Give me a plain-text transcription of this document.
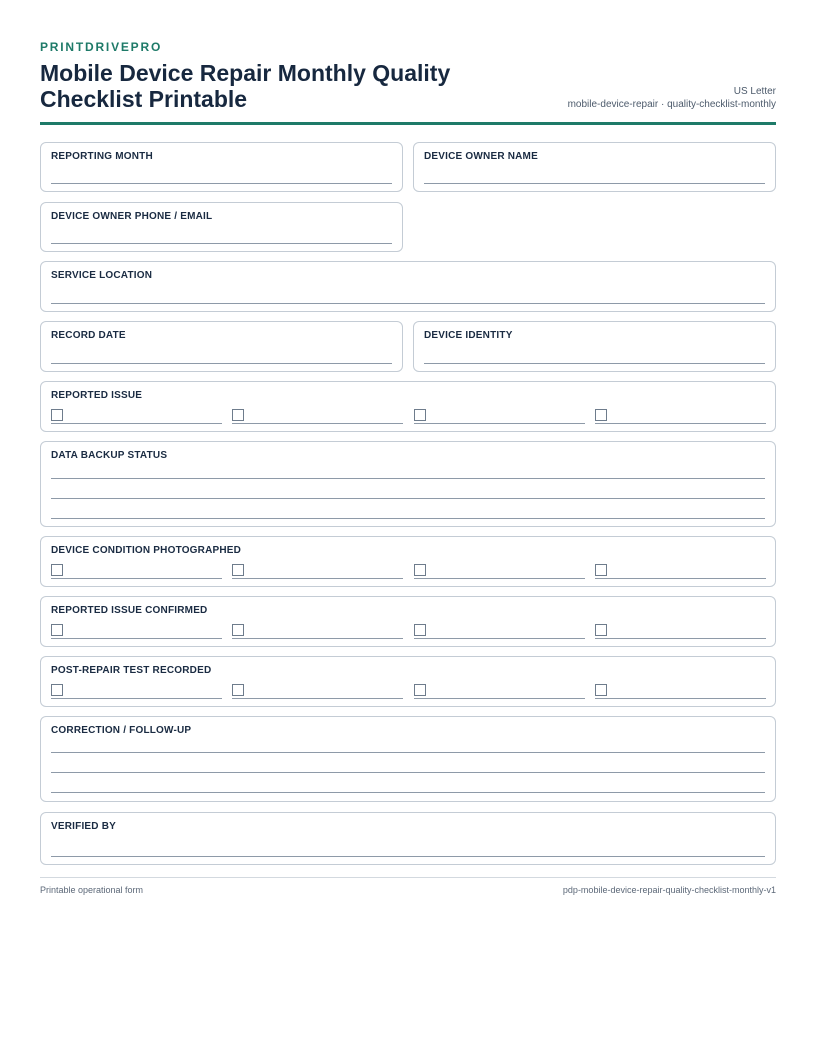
PRINTDRIVEPRO
Mobile Device Repair Monthly Quality Checklist Printable	US Letter
mobile-device-repair · quality-checklist-monthly
REPORTING MONTH	DEVICE OWNER NAME
DEVICE OWNER PHONE / EMAIL
SERVICE LOCATION
RECORD DATE	DEVICE IDENTITY
REPORTED ISSUE
DATA BACKUP STATUS
DEVICE CONDITION PHOTOGRAPHED
REPORTED ISSUE CONFIRMED
POST-REPAIR TEST RECORDED
CORRECTION / FOLLOW-UP
VERIFIED BY
Printable operational form	pdp-mobile-device-repair-quality-checklist-monthly-v1
